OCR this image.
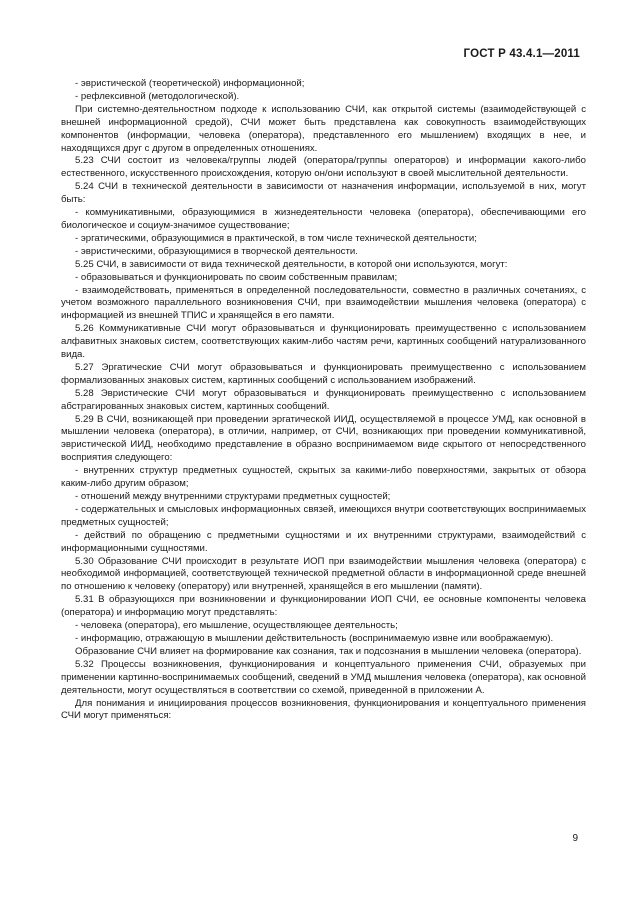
ГОСТ Р 43.4.1—2011

- эвристической (теоретической) информационной;

- рефлексивной (методологической).

При системно-деятельностном подходе к использованию СЧИ, как открытой системы (взаимодействующей с внешней информационной средой), СЧИ может быть представлена как совокупность взаимодействующих компонентов (информации, человека (оператора), представленного его мышлением) входящих в нее, и находящихся друг с другом в определенных отношениях.

5.23 СЧИ состоит из человека/группы людей (оператора/группы операторов) и информации какого-либо естественного, искусственного происхождения, которую он/они используют в своей мыслительной деятельности.

5.24 СЧИ в технической деятельности в зависимости от назначения информации, используемой в них, могут быть:

- коммуникативными, образующимися в жизнедеятельности человека (оператора), обеспечивающими его биологическое и социум-значимое существование;

- эргатическими, образующимися в практической, в том числе технической деятельности;

- эвристическими, образующимися в творческой деятельности.

5.25 СЧИ, в зависимости от вида технической деятельности, в которой они используются, могут:

- образовываться и функционировать по своим собственным правилам;

- взаимодействовать, применяться в определенной последовательности, совместно в различных сочетаниях, с учетом возможного параллельного возникновения СЧИ, при взаимодействии мышления человека (оператора) с информацией из внешней ТПИС и хранящейся в его памяти.

5.26 Коммуникативные СЧИ могут образовываться и функционировать преимущественно с использованием алфавитных знаковых систем, соответствующих каким-либо частям речи, картинных сообщений натурализованного вида.

5.27 Эргатические СЧИ могут образовываться и функционировать преимущественно с использованием формализованных знаковых систем, картинных сообщений с использованием изображений.

5.28 Эвристические СЧИ могут образовываться и функционировать преимущественно с использованием абстрагированных знаковых систем, картинных сообщений.

5.29 В СЧИ, возникающей при проведении эргатической ИИД, осуществляемой в процессе УМД, как основной в мышлении человека (оператора), в отличии, например, от СЧИ, возникающих при проведении коммуникативной, эвристической ИИД, необходимо представление в образно воспринимаемом виде скрытого от непосредственного восприятия следующего:

- внутренних структур предметных сущностей, скрытых за какими-либо поверхностями, закрытых от обзора каким-либо другим образом;

- отношений между внутренними структурами предметных сущностей;

- содержательных и смысловых информационных связей, имеющихся внутри соответствующих воспринимаемых предметных сущностей;

- действий по обращению с предметными сущностями и их внутренними структурами, взаимодействий с информационными сущностями.

5.30 Образование СЧИ происходит в результате ИОП при взаимодействии мышления человека (оператора) с необходимой информацией, соответствующей технической предметной области в информационной среде внешней по отношению к человеку (оператору) или внутренней, хранящейся в его мышлении (памяти).

5.31 В образующихся при возникновении и функционировании ИОП СЧИ, ее основные компоненты человека (оператора) и информацию могут представлять:

- человека (оператора), его мышление, осуществляющее деятельность;

- информацию, отражающую в мышлении действительность (воспринимаемую извне или воображаемую).

Образование СЧИ влияет на формирование как сознания, так и подсознания в мышлении человека (оператора).

5.32 Процессы возникновения, функционирования и концептуального применения СЧИ, образуемых при применении картинно-воспринимаемых сообщений, сведений в УМД мышления человека (оператора), как основной деятельности, могут осуществляться в соответствии со схемой, приведенной в приложении А.

Для понимания и инициирования процессов возникновения, функционирования и концептуального применения СЧИ могут применяться:

9
